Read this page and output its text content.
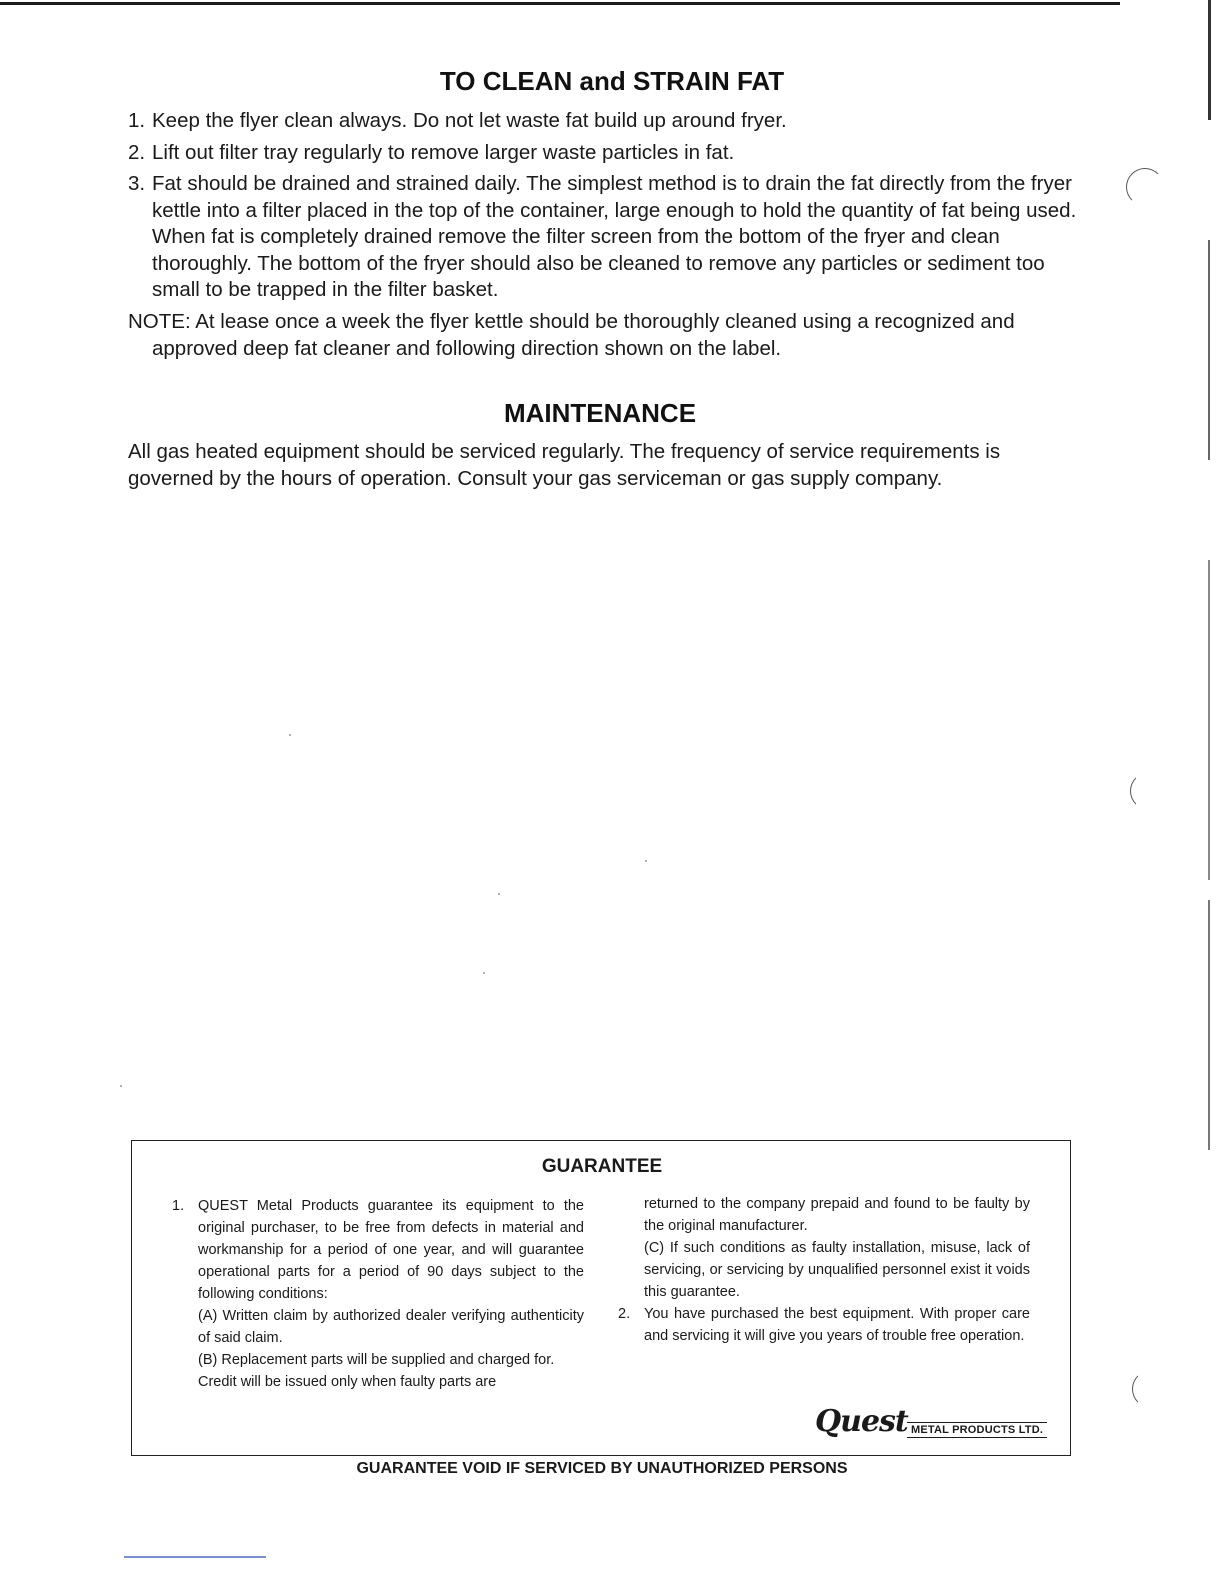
TO CLEAN and STRAIN FAT
1. Keep the flyer clean always. Do not let waste fat build up around fryer.
2. Lift out filter tray regularly to remove larger waste particles in fat.
3. Fat should be drained and strained daily. The simplest method is to drain the fat directly from the fryer kettle into a filter placed in the top of the container, large enough to hold the quantity of fat being used. When fat is completely drained remove the filter screen from the bottom of the fryer and clean thoroughly. The bottom of the fryer should also be cleaned to remove any particles or sediment too small to be trapped in the filter basket.

NOTE: At lease once a week the flyer kettle should be thoroughly cleaned using a recognized and approved deep fat cleaner and following direction shown on the label.

MAINTENANCE

All gas heated equipment should be serviced regularly. The frequency of service requirements is governed by the hours of operation. Consult your gas serviceman or gas supply company.

GUARANTEE
1. QUEST Metal Products guarantee its equipment to the original purchaser, to be free from defects in material and workmanship for a period of one year, and will guarantee operational parts for a period of 90 days subject to the following conditions:
(A) Written claim by authorized dealer verifying authenticity of said claim.
(B) Replacement parts will be supplied and charged for.
Credit will be issued only when faulty parts are
returned to the company prepaid and found to be faulty by the original manufacturer.
(C) If such conditions as faulty installation, misuse, lack of servicing, or servicing by unqualified personnel exist it voids this guarantee.
2. You have purchased the best equipment. With proper care and servicing it will give you years of trouble free operation.
Quest METAL PRODUCTS LTD.

GUARANTEE VOID IF SERVICED BY UNAUTHORIZED PERSONS
